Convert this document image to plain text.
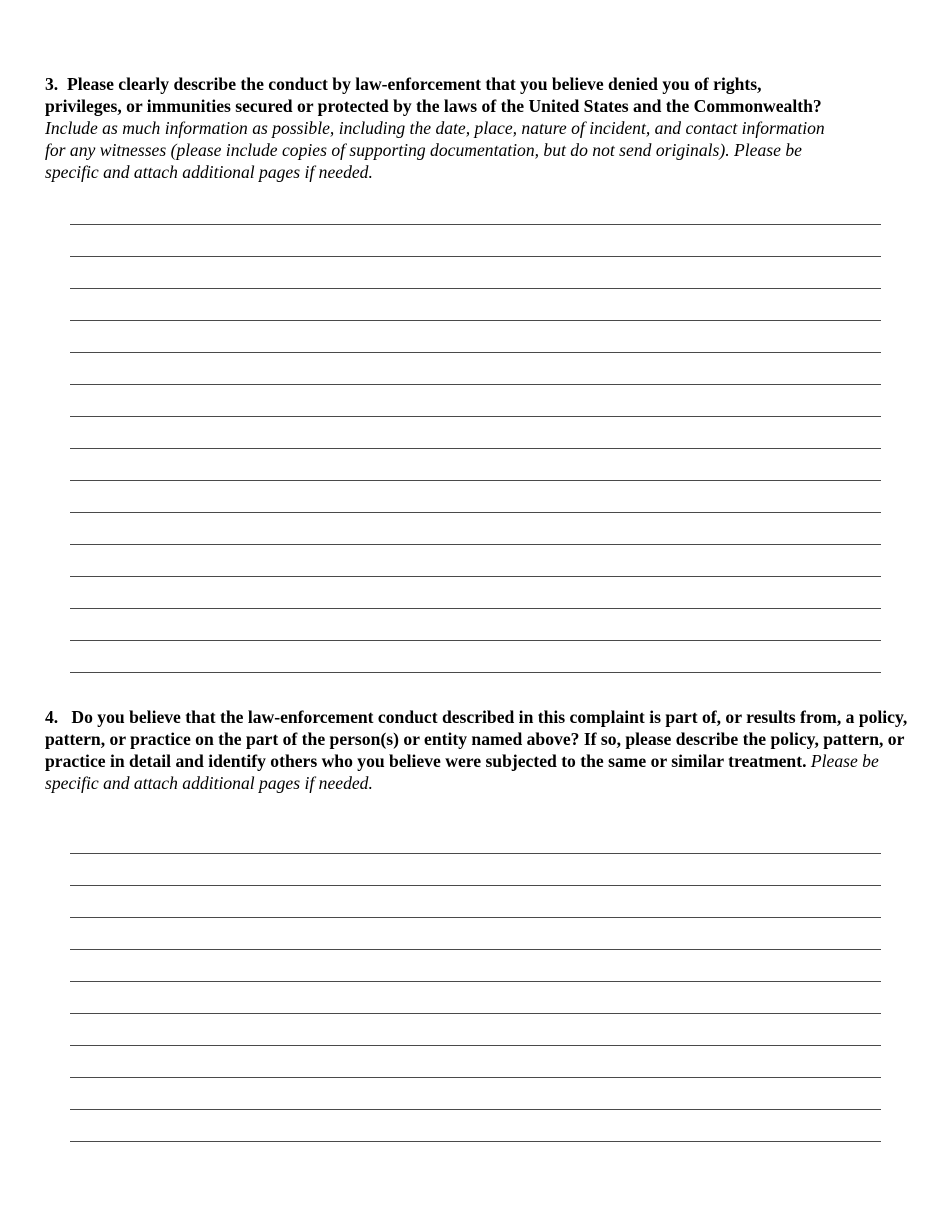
3. Please clearly describe the conduct by law-enforcement that you believe denied you of rights, privileges, or immunities secured or protected by the laws of the United States and the Commonwealth? Include as much information as possible, including the date, place, nature of incident, and contact information for any witnesses (please include copies of supporting documentation, but do not send originals). Please be specific and attach additional pages if needed.

4. Do you believe that the law-enforcement conduct described in this complaint is part of, or results from, a policy, pattern, or practice on the part of the person(s) or entity named above? If so, please describe the policy, pattern, or practice in detail and identify others who you believe were subjected to the same or similar treatment. Please be specific and attach additional pages if needed.
